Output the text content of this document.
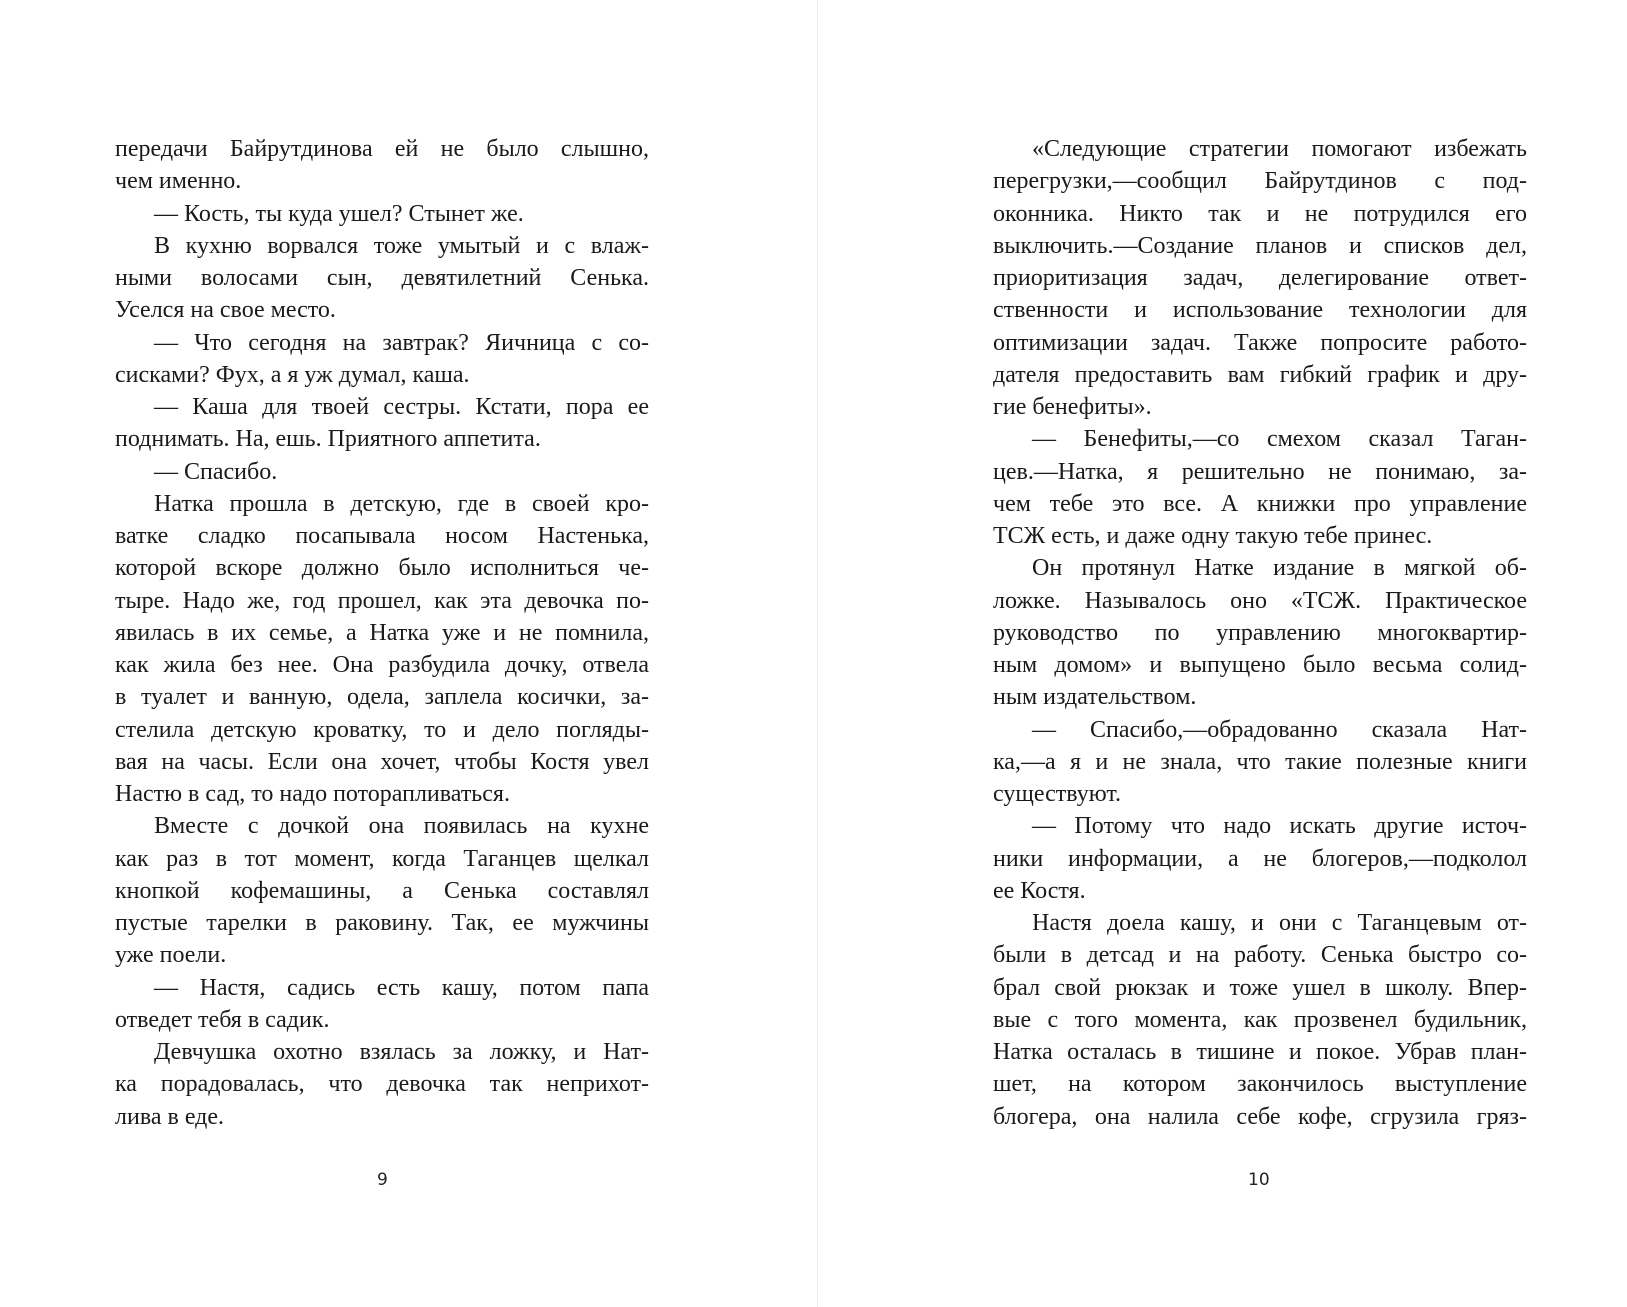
передачи Байрутдинова ей не было слышно,
чем именно.
— Кость, ты куда ушел? Стынет же.
В кухню ворвался тоже умытый и с влаж-
ными волосами сын, девятилетний Сенька.
Уселся на свое место.
— Что сегодня на завтрак? Яичница с со-
сисками? Фух, а я уж думал, каша.
— Каша для твоей сестры. Кстати, пора ее
поднимать. На, ешь. Приятного аппетита.
— Спасибо.
Натка прошла в детскую, где в своей кро-
ватке сладко посапывала носом Настенька,
которой вскоре должно было исполниться че-
тыре. Надо же, год прошел, как эта девочка по-
явилась в их семье, а Натка уже и не помнила,
как жила без нее. Она разбудила дочку, отвела
в туалет и ванную, одела, заплела косички, за-
стелила детскую кроватку, то и дело погляды-
вая на часы. Если она хочет, чтобы Костя увел
Настю в сад, то надо поторапливаться.
Вместе с дочкой она появилась на кухне
как раз в тот момент, когда Таганцев щелкал
кнопкой кофемашины, а Сенька составлял
пустые тарелки в раковину. Так, ее мужчины
уже поели.
— Настя, садись есть кашу, потом папа
отведет тебя в садик.
Девчушка охотно взялась за ложку, и Нат-
ка порадовалась, что девочка так неприхот-
лива в еде.
9
«Следующие стратегии помогают избежать
перегрузки,—сообщил Байрутдинов с под-
оконника. Никто так и не потрудился его
выключить.—Создание планов и списков дел,
приоритизация задач, делегирование ответ-
ственности и использование технологии для
оптимизации задач. Также попросите работо-
дателя предоставить вам гибкий график и дру-
гие бенефиты».
— Бенефиты,—со смехом сказал Таган-
цев.—Натка, я решительно не понимаю, за-
чем тебе это все. А книжки про управление
ТСЖ есть, и даже одну такую тебе принес.
Он протянул Натке издание в мягкой об-
ложке. Называлось оно «ТСЖ. Практическое
руководство по управлению многоквартир-
ным домом» и выпущено было весьма солид-
ным издательством.
— Спасибо,—обрадованно сказала Нат-
ка,—а я и не знала, что такие полезные книги
существуют.
— Потому что надо искать другие источ-
ники информации, а не блогеров,—подколол
ее Костя.
Настя доела кашу, и они с Таганцевым от-
были в детсад и на работу. Сенька быстро со-
брал свой рюкзак и тоже ушел в школу. Впер-
вые с того момента, как прозвенел будильник,
Натка осталась в тишине и покое. Убрав план-
шет, на котором закончилось выступление
блогера, она налила себе кофе, сгрузила гряз-
10
